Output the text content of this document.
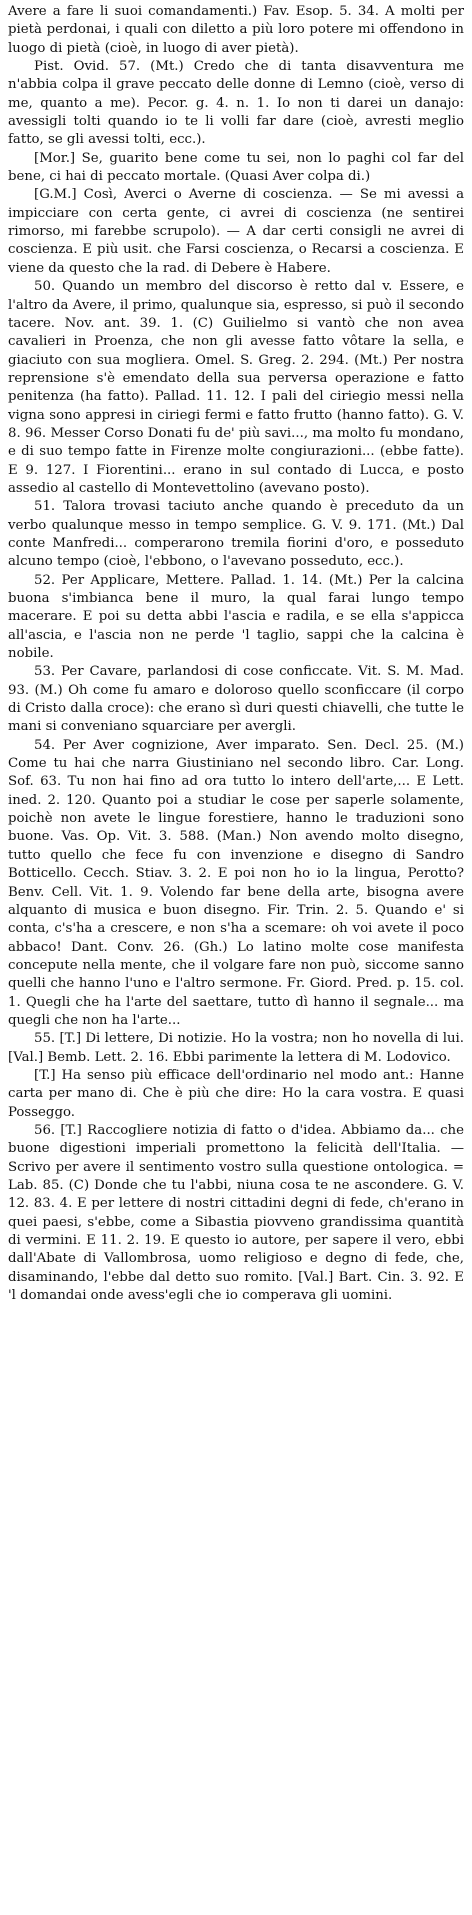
Avere a fare li suoi comandamenti.) Fav. Esop. 5. 34. A molti per pietà perdonai, i quali con diletto a più loro potere mi offendono in luogo di pietà (cioè, in luogo di aver pietà).

Pist. Ovid. 57. (Mt.) Credo che di tanta disavventura me n'abbia colpa il grave peccato delle donne di Lemno (cioè, verso di me, quanto a me). Pecor. g. 4. n. 1. Io non ti darei un danajo: avessigli tolti quando io te li volli far dare (cioè, avresti meglio fatto, se gli avessi tolti, ecc.).

[Mor.] Se, guarito bene come tu sei, non lo paghi col far del bene, ci hai di peccato mortale. (Quasi Aver colpa di.)

[G.M.] Così, Averci o Averne di coscienza. — Se mi avessi a impicciare con certa gente, ci avrei di coscienza (ne sentirei rimorso, mi farebbe scrupolo). — A dar certi consigli ne avrei di coscienza. E più usit. che Farsi coscienza, o Recarsi a coscienza. E viene da questo che la rad. di Debere è Habere.

50. Quando un membro del discorso è retto dal v. Essere, e l'altro da Avere, il primo, qualunque sia, espresso, si può il secondo tacere. Nov. ant. 39. 1. (C) Guilielmo si vantò che non avea cavalieri in Proenza, che non gli avesse fatto vôtare la sella, e giaciuto con sua mogliera. Omel. S. Greg. 2. 294. (Mt.) Per nostra reprensione s'è emendato della sua perversa operazione e fatto penitenza (ha fatto). Pallad. 11. 12. I pali del ciriegio messi nella vigna sono appresi in ciriegi fermi e fatto frutto (hanno fatto). G. V. 8. 96. Messer Corso Donati fu de' più savi..., ma molto fu mondano, e di suo tempo fatte in Firenze molte congiurazioni... (ebbe fatte). E 9. 127. I Fiorentini... erano in sul contado di Lucca, e posto assedio al castello di Montevettolino (avevano posto).

51. Talora trovasi taciuto anche quando è preceduto da un verbo qualunque messo in tempo semplice. G. V. 9. 171. (Mt.) Dal conte Manfredi... comperarono tremila fiorini d'oro, e posseduto alcuno tempo (cioè, l'ebbono, o l'avevano posseduto, ecc.).

52. Per Applicare, Mettere. Pallad. 1. 14. (Mt.) Per la calcina buona s'imbianca bene il muro, la qual farai lungo tempo macerare. E poi su detta abbi l'ascia e radila, e se ella s'appicca all'ascia, e l'ascia non ne perde 'l taglio, sappi che la calcina è nobile.

53. Per Cavare, parlandosi di cose conficcate. Vit. S. M. Mad. 93. (M.) Oh come fu amaro e doloroso quello sconficcare (il corpo di Cristo dalla croce): che erano sì duri questi chiavelli, che tutte le mani si conveniano squarciare per avergli.

54. Per Aver cognizione, Aver imparato. Sen. Decl. 25. (M.) Come tu hai che narra Giustiniano nel secondo libro. Car. Long. Sof. 63. Tu non hai fino ad ora tutto lo intero dell'arte,... E Lett. ined. 2. 120. Quanto poi a studiar le cose per saperle solamente, poichè non avete le lingue forestiere, hanno le traduzioni sono buone. Vas. Op. Vit. 3. 588. (Man.) Non avendo molto disegno, tutto quello che fece fu con invenzione e disegno di Sandro Botticello. Cecch. Stiav. 3. 2. E poi non ho io la lingua, Perotto? Benv. Cell. Vit. 1. 9. Volendo far bene della arte, bisogna avere alquanto di musica e buon disegno. Fir. Trin. 2. 5. Quando e' si conta, c's'ha a crescere, e non s'ha a scemare: oh voi avete il poco abbaco! Dant. Conv. 26. (Gh.) Lo latino molte cose manifesta concepute nella mente, che il volgare fare non può, siccome sanno quelli che hanno l'uno e l'altro sermone. Fr. Giord. Pred. p. 15. col. 1. Quegli che ha l'arte del saettare, tutto dì hanno il segnale... ma quegli che non ha l'arte...

55. [T.] Di lettere, Di notizie. Ho la vostra; non ho novella di lui. [Val.] Bemb. Lett. 2. 16. Ebbi parimente la lettera di M. Lodovico.

[T.] Ha senso più efficace dell'ordinario nel modo ant.: Hanne carta per mano di. Che è più che dire: Ho la cara vostra. E quasi Posseggo.

56. [T.] Raccogliere notizia di fatto o d'idea. Abbiamo da... che buone digestioni imperiali promettono la felicità dell'Italia. — Scrivo per avere il sentimento vostro sulla questione ontologica. = Lab. 85. (C) Donde che tu l'abbi, niuna cosa te ne ascondere. G. V. 12. 83. 4. E per lettere di nostri cittadini degni di fede, ch'erano in quei paesi, s'ebbe, come a Sibastia piovveno grandissima quantità di vermini. E 11. 2. 19. E questo io autore, per sapere il vero, ebbi dall'Abate di Vallombrosa, uomo religioso e degno di fede, che, disaminando, l'ebbe dal detto suo romito. [Val.] Bart. Cin. 3. 92. E 'l domandai onde avess'egli che io comperava gli uomini.
